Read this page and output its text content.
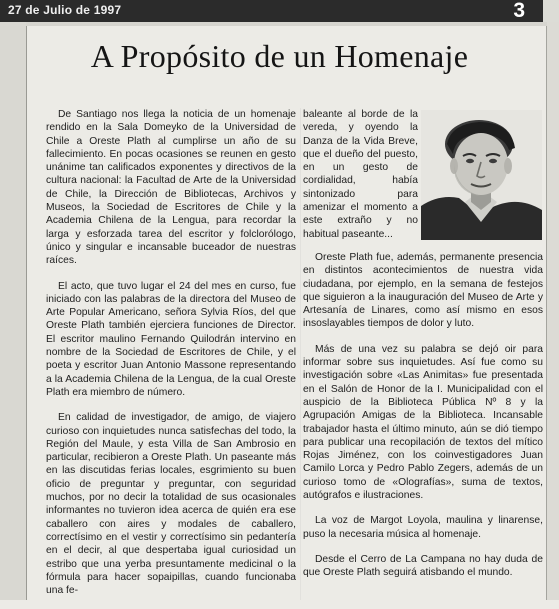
27 de Julio de 1997	3
A Propósito de un Homenaje

De Santiago nos llega la noticia de un homenaje rendido en la Sala Domeyko de la Universidad de Chile a Oreste Plath al cumplirse un año de su fallecimiento. En pocas ocasiones se reunen en gesto unánime tan calificados exponentes y directivos de la cultura nacional: la Facultad de Arte de la Universidad de Chile, la Dirección de Bibliotecas, Archivos y Museos, la Sociedad de Escritores de Chile y la Academia Chilena de la Lengua, para recordar la larga y esforzada tarea del escritor y folclorólogo, único y singular e incansable buceador de nuestras raíces.

El acto, que tuvo lugar el 24 del mes en curso, fue iniciado con las palabras de la directora del Museo de Arte Popular Americano, señora Sylvia Ríos, del que Oreste Plath también ejerciera funciones de Director. El escritor maulino Fernando Quilodrán intervino en nombre de la Sociedad de Escritores de Chile, y el poeta y escritor Juan Antonio Massone representando a la Academia Chilena de la Lengua, de la cual Oreste Plath era miembro de número.

En calidad de investigador, de amigo, de viajero curioso con inquietudes nunca satisfechas del todo, la Región del Maule, y esta Villa de San Ambrosio en particular, recibieron a Oreste Plath. Un paseante más en las discutidas ferias locales, esgrimiento su buen oficio de preguntar y preguntar, con seguridad muchos, por no decir la totalidad de sus ocasionales informantes no tuvieron idea acerca de quién era ese caballero con aires y modales de caballero, correctísimo en el vestir y correctísimo sin pedantería en el decir, al que despertaba igual curiosidad un estribo que una yerba presuntamente medicinal o la fórmula para hacer sopaipillas, cuando funcionaba una fe-

baleante al borde de la vereda, y oyendo la Danza de la Vida Breve, que el dueño del puesto, en un gesto de cordialidad, había sintonizado para amenizar el momento a este extraño y no habitual paseante...

Oreste Plath fue, además, permanente presencia en distintos acontecimientos de nuestra vida ciudadana, por ejemplo, en la semana de festejos que siguieron a la inauguración del Museo de Arte y Artesanía de Linares, como así mismo en esos insoslayables tiempos de dolor y luto.

Más de una vez su palabra se dejó oir para informar sobre sus inquietudes. Así fue como su investigación sobre «Las Animitas» fue presentada en el Salón de Honor de la I. Municipalidad con el auspicio de la Biblioteca Pública Nº 8 y la Agrupación Amigas de la Biblioteca. Incansable trabajador hasta el último minuto, aún se dió tiempo para publicar una recopilación de textos del mítico Rojas Jiménez, con los coinvestigadores Juan Camilo Lorca y Pedro Pablo Zegers, además de un curioso tomo de «Olografías», suma de textos, autógrafos e ilustraciones.

La voz de Margot Loyola, maulina y linarense, puso la necesaria música al homenaje.

Desde el Cerro de La Campana no hay duda de que Oreste Plath seguirá atisbando el mundo.
